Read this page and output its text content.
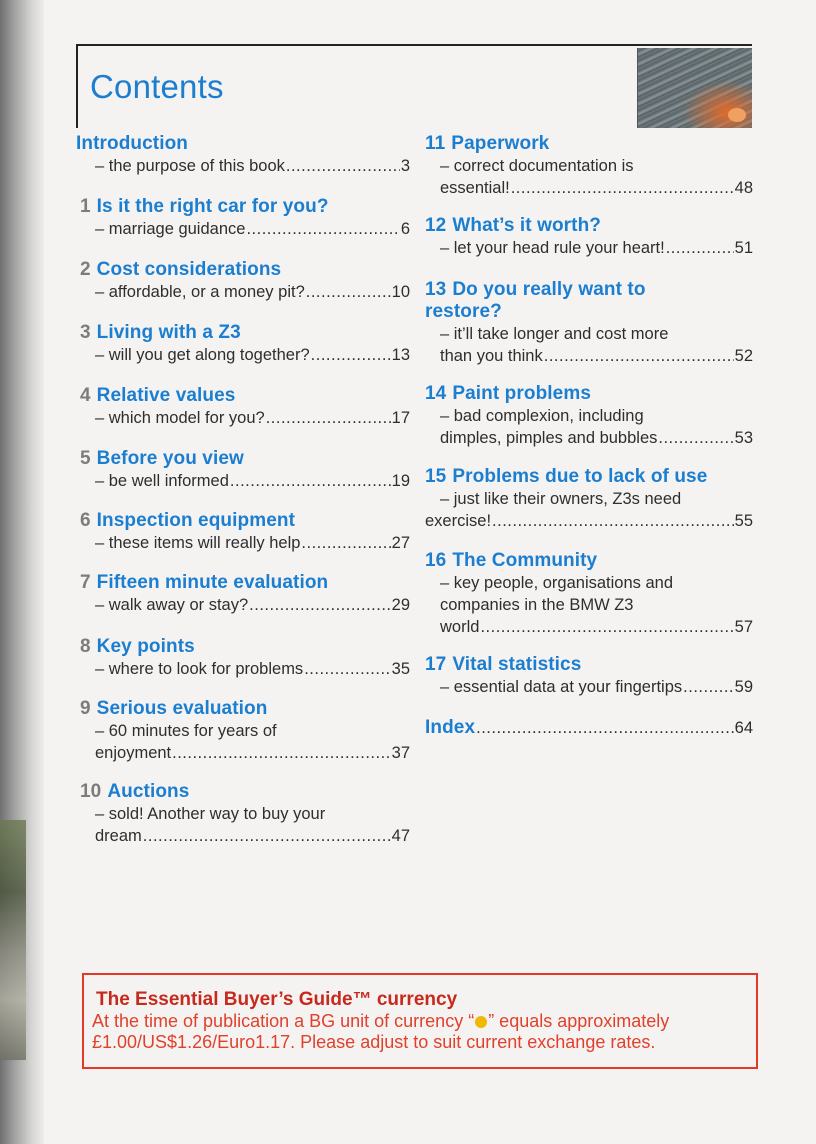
Contents
Introduction
– the purpose of this book .....	3
1 Is it the right car for you?
– marriage guidance .....	6
2 Cost considerations
– affordable, or a money pit? .....	10
3 Living with a Z3
– will you get along together? .....	13
4 Relative values
– which model for you? .....	17
5 Before you view
– be well informed .....	19
6 Inspection equipment
– these items will really help .....	27
7 Fifteen minute evaluation
– walk away or stay? .....	29
8 Key points
– where to look for problems .....	35
9 Serious evaluation
– 60 minutes for years of
enjoyment .....	37
10 Auctions
– sold! Another way to buy your
dream .....	47
11 Paperwork
– correct documentation is
essential! .....	48
12 What’s it worth?
– let your head rule your heart! .....	51
13 Do you really want to
restore?
– it’ll take longer and cost more
than you think .....	52
14 Paint problems
– bad complexion, including
dimples, pimples and bubbles .....	53
15 Problems due to lack of use
– just like their owners, Z3s need
exercise! .....	55
16 The Community
– key people, organisations and
companies in the BMW Z3
world .....	57
17 Vital statistics
– essential data at your fingertips .....	59
Index .....	64
The Essential Buyer’s Guide™ currency
At the time of publication a BG unit of currency “ ” equals approximately £1.00/US$1.26/Euro1.17. Please adjust to suit current exchange rates.
